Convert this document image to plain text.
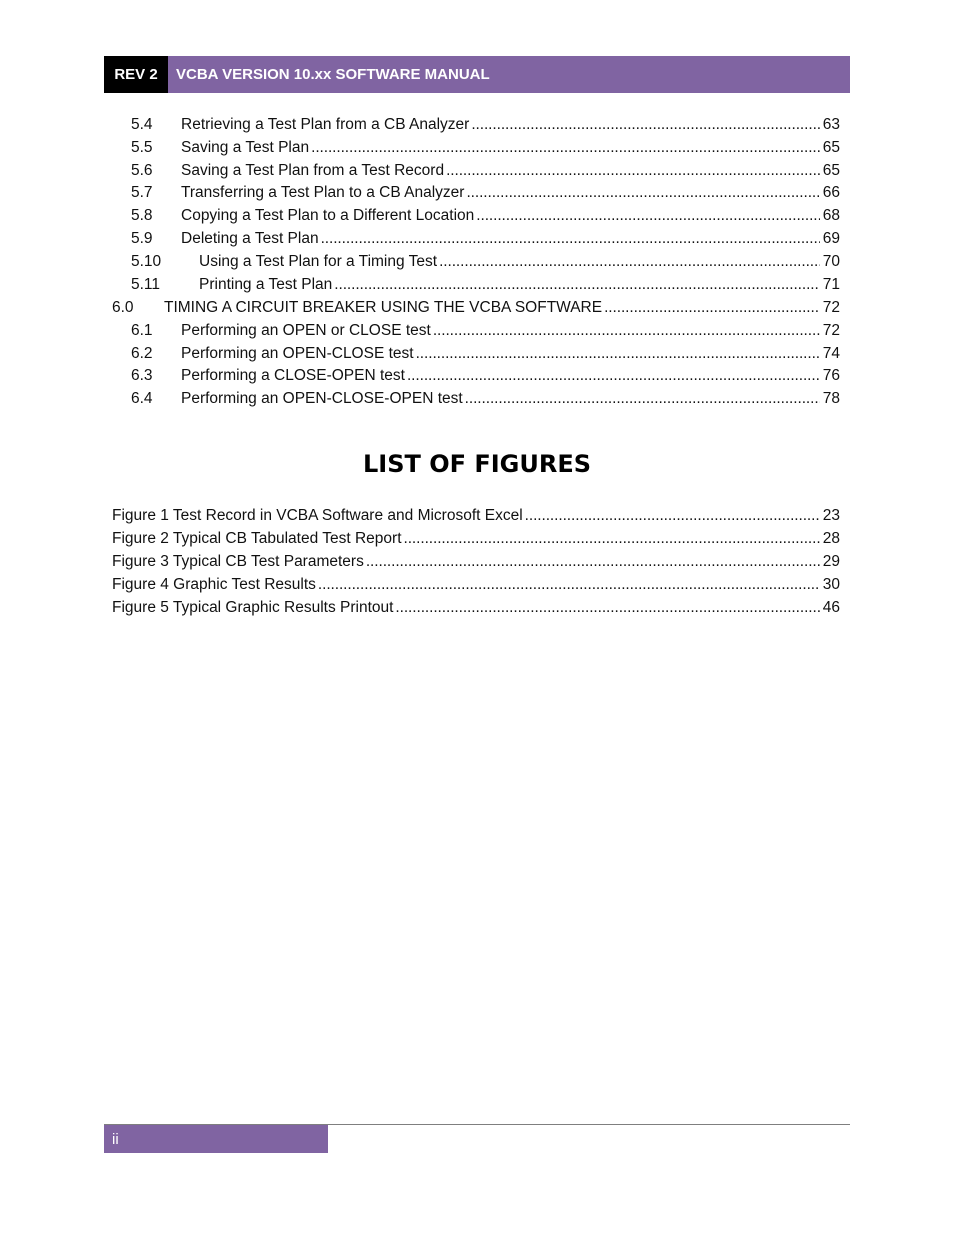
REV 2	VCBA VERSION 10.xx SOFTWARE MANUAL
LIST OF FIGURES
ii
5.4	Retrieving a Test Plan from a CB Analyzer . . .	63
5.5	Saving a Test Plan . . .	65
5.6	Saving a Test Plan from a Test Record . . .	65
5.7	Transferring a Test Plan to a CB Analyzer . . .	66
5.8	Copying a Test Plan to a Different Location . . .	68
5.9	Deleting a Test Plan . . .	69
5.10	Using a Test Plan for a Timing Test . . .	70
5.11	Printing a Test Plan . . .	71
6.0	TIMING A CIRCUIT BREAKER USING THE VCBA SOFTWARE . . .	72
6.1	Performing an OPEN or CLOSE test . . .	72
6.2	Performing an OPEN-CLOSE test . . .	74
6.3	Performing a CLOSE-OPEN test . . .	76
6.4	Performing an OPEN-CLOSE-OPEN test . . .	78
Figure 1 Test Record in VCBA Software and Microsoft Excel . . .	23
Figure 2 Typical CB Tabulated Test Report . . .	28
Figure 3 Typical CB Test Parameters . . .	29
Figure 4 Graphic Test Results . . .	30
Figure 5 Typical Graphic Results Printout . . .	46
